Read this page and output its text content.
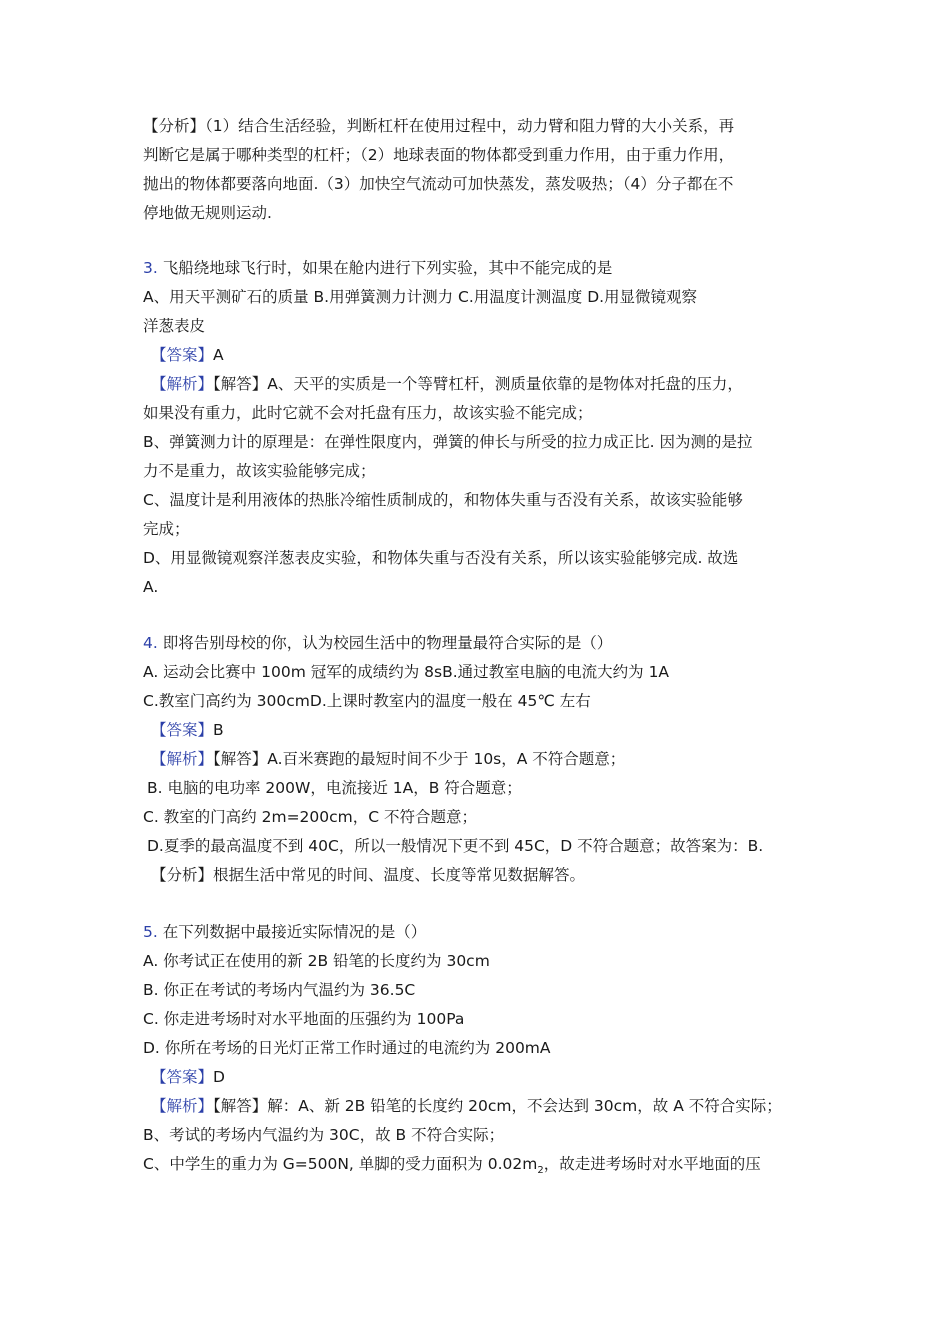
【分析】（1）结合生活经验，判断杠杆在使用过程中，动力臂和阻力臂的大小关系，再
判断它是属于哪种类型的杠杆；（2）地球表面的物体都受到重力作用，由于重力作用，
抛出的物体都要落向地面.（3）加快空气流动可加快蒸发，蒸发吸热；（4）分子都在不
停地做无规则运动.
3. 飞船绕地球飞行时，如果在舱内进行下列实验，其中不能完成的是
A、用天平测矿石的质量 B.用弹簧测力计测力 C.用温度计测温度 D.用显微镜观察
洋葱表皮
【答案】A
【解析】【解答】A、天平的实质是一个等臂杠杆，测质量依靠的是物体对托盘的压力，
如果没有重力，此时它就不会对托盘有压力，故该实验不能完成；
B、弹簧测力计的原理是：在弹性限度内，弹簧的伸长与所受的拉力成正比. 因为测的是拉
力不是重力，故该实验能够完成；
C、温度计是利用液体的热胀冷缩性质制成的，和物体失重与否没有关系，故该实验能够
完成；
D、用显微镜观察洋葱表皮实验，和物体失重与否没有关系，所以该实验能够完成. 故选
A.
4. 即将告别母校的你，认为校园生活中的物理量最符合实际的是（）
A. 运动会比赛中 100m 冠军的成绩约为 8sB.通过教室电脑的电流大约为 1A
C.教室门高约为 300cmD.上课时教室内的温度一般在 45℃ 左右
【答案】B
【解析】【解答】A.百米赛跑的最短时间不少于 10s，A 不符合题意；
B. 电脑的电功率 200W，电流接近 1A，B 符合题意；
C. 教室的门高约 2m=200cm，C 不符合题意；
D.夏季的最高温度不到 40C，所以一般情况下更不到 45C，D 不符合题意；故答案为：B.
【分析】根据生活中常见的时间、温度、长度等常见数据解答。
5. 在下列数据中最接近实际情况的是（）
A. 你考试正在使用的新 2B 铅笔的长度约为 30cm
B. 你正在考试的考场内气温约为 36.5C
C. 你走进考场时对水平地面的压强约为 100Pa
D. 你所在考场的日光灯正常工作时通过的电流约为 200mA
【答案】D
【解析】【解答】解：A、新 2B 铅笔的长度约 20cm，不会达到 30cm，故 A 不符合实际；
B、考试的考场内气温约为 30C，故 B 不符合实际；
C、中学生的重力为 G=500N, 单脚的受力面积为 $0.02m_2$，故走进考场时对水平地面的压
